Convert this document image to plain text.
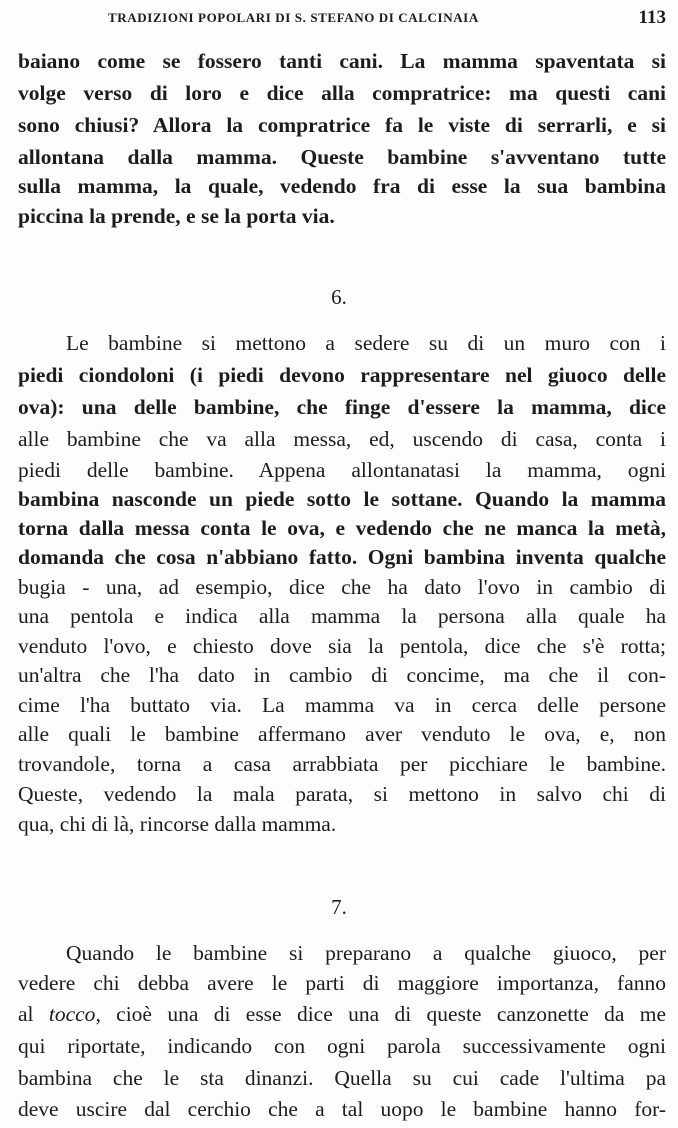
TRADIZIONI POPOLARI DI S. STEFANO DI CALCINAIA	113
baiano come se fossero tanti cani. La mamma spaventata si
volge verso di loro e dice alla compratrice: ma questi cani
sono chiusi? Allora la compratrice fa le viste di serrarli, e si
allontana dalla mamma. Queste bambine s'avventano tutte
sulla mamma, la quale, vedendo fra di esse la sua bambina
piccina la prende, e se la porta via.
6.
Le bambine si mettono a sedere su di un muro con i
piedi ciondoloni (i piedi devono rappresentare nel giuoco delle
ova): una delle bambine, che finge d'essere la mamma, dice
alle bambine che va alla messa, ed, uscendo di casa, conta i
piedi delle bambine. Appena allontanatasi la mamma, ogni
bambina nasconde un piede sotto le sottane. Quando la mamma
torna dalla messa conta le ova, e vedendo che ne manca la metà,
domanda che cosa n'abbiano fatto. Ogni bambina inventa qualche
bugia - una, ad esempio, dice che ha dato l'ovo in cambio di
una pentola e indica alla mamma la persona alla quale ha
venduto l'ovo, e chiesto dove sia la pentola, dice che s'è rotta;
un'altra che l'ha dato in cambio di concime, ma che il con-
cime l'ha buttato via. La mamma va in cerca delle persone
alle quali le bambine affermano aver venduto le ova, e, non
trovandole, torna a casa arrabbiata per picchiare le bambine.
Queste, vedendo la mala parata, si mettono in salvo chi di
qua, chi di là, rincorse dalla mamma.
7.
Quando le bambine si preparano a qualche giuoco, per
vedere chi debba avere le parti di maggiore importanza, fanno
al tocco, cioè una di esse dice una di queste canzonette da me
qui riportate, indicando con ogni parola successivamente ogni
bambina che le sta dinanzi. Quella su cui cade l'ultima pa
deve uscire dal cerchio che a tal uopo le bambine hanno for-
